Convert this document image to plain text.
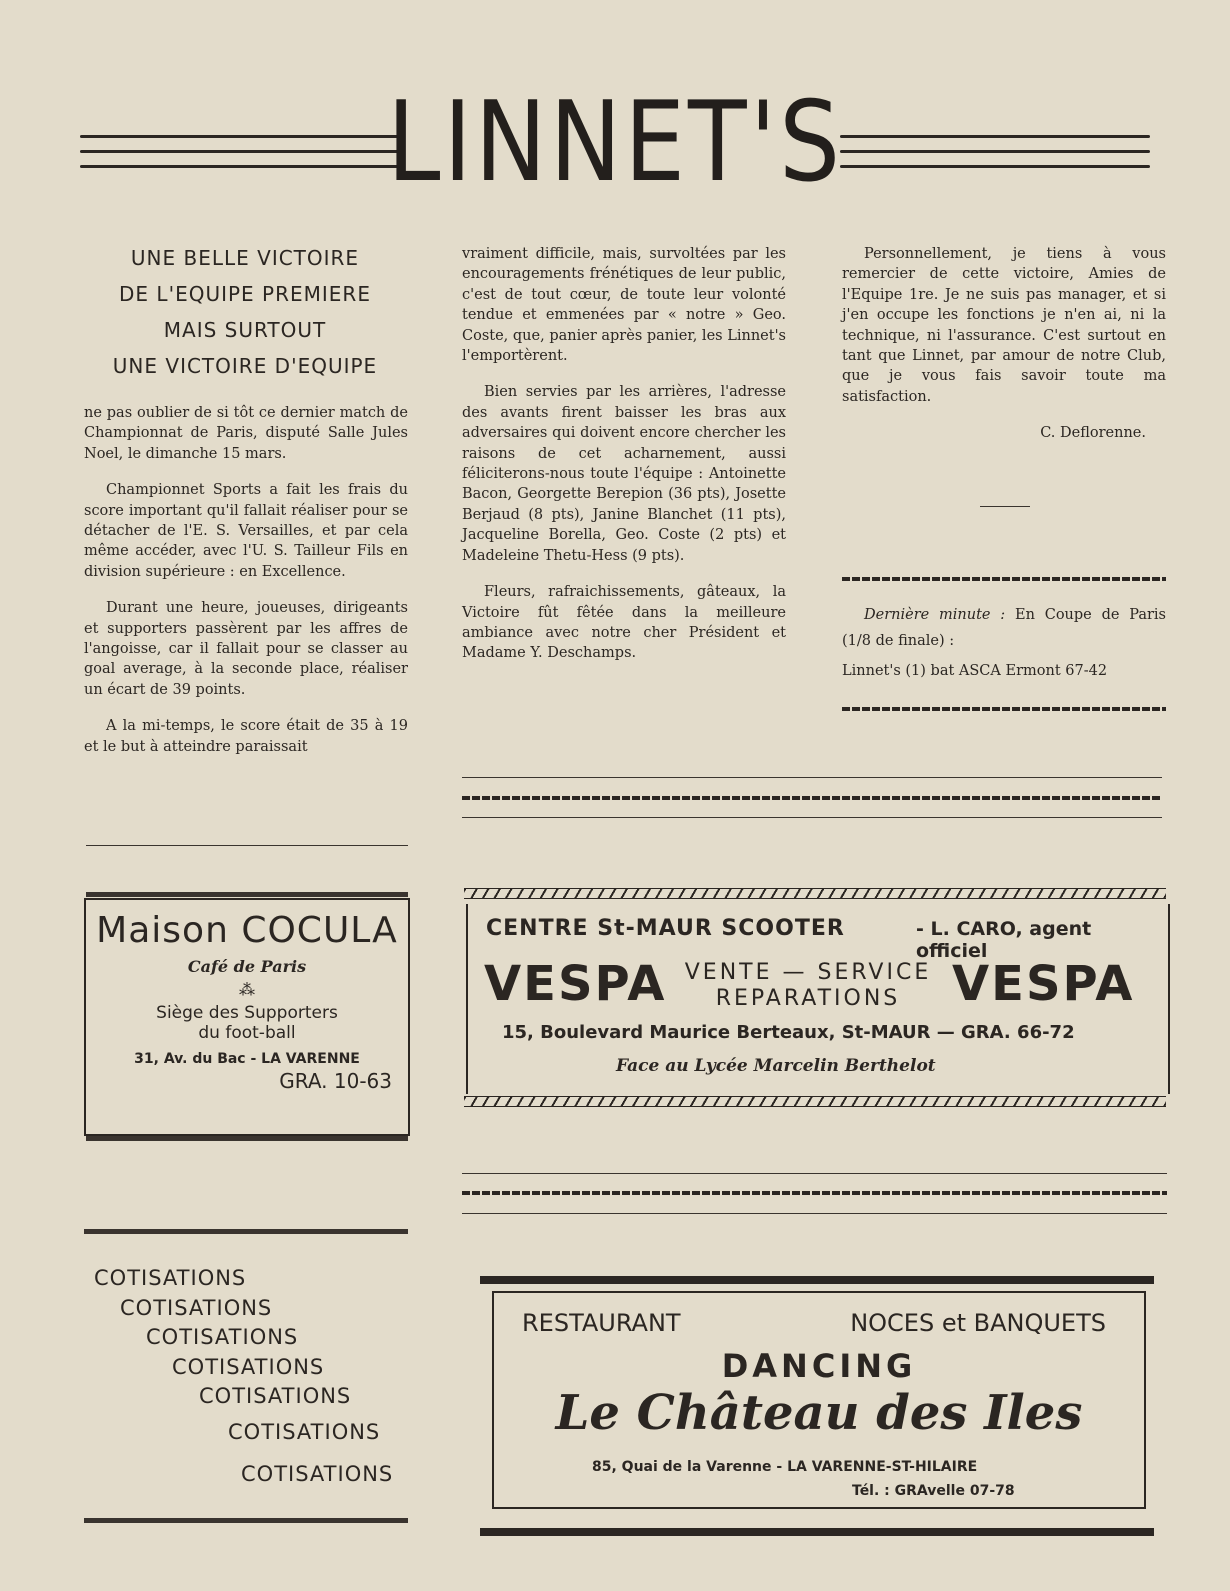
LINNET'S
UNE BELLE VICTOIRE
DE L'EQUIPE PREMIERE
MAIS SURTOUT
UNE VICTOIRE D'EQUIPE

ne pas oublier de si tôt ce dernier match de Championnat de Paris, disputé Salle Jules Noel, le dimanche 15 mars.

Championnet Sports a fait les frais du score important qu'il fallait réaliser pour se détacher de l'E. S. Versailles, et par cela même accéder, avec l'U. S. Tailleur Fils en division supérieure : en Excellence.

Durant une heure, joueuses, dirigeants et supporters passèrent par les affres de l'angoisse, car il fallait pour se classer au goal average, à la seconde place, réaliser un écart de 39 points.

A la mi-temps, le score était de 35 à 19 et le but à atteindre paraissait

vraiment difficile, mais, survoltées par les encouragements frénétiques de leur public, c'est de tout cœur, de toute leur volonté tendue et emmenées par « notre » Geo. Coste, que, panier après panier, les Linnet's l'emportèrent.

Bien servies par les arrières, l'adresse des avants firent baisser les bras aux adversaires qui doivent encore chercher les raisons de cet acharnement, aussi féliciterons-nous toute l'équipe : Antoinette Bacon, Georgette Berepion (36 pts), Josette Berjaud (8 pts), Janine Blanchet (11 pts), Jacqueline Borella, Geo. Coste (2 pts) et Madeleine Thetu-Hess (9 pts).

Fleurs, rafraichissements, gâteaux, la Victoire fût fêtée dans la meilleure ambiance avec notre cher Président et Madame Y. Deschamps.

Personnellement, je tiens à vous remercier de cette victoire, Amies de l'Equipe 1re. Je ne suis pas manager, et si j'en occupe les fonctions je n'en ai, ni la technique, ni l'assurance. C'est surtout en tant que Linnet, par amour de notre Club, que je vous fais savoir toute ma satisfaction.

C. Deflorenne.
Dernière minute : En Coupe de Paris (1/8 de finale) :
Linnet's (1) bat ASCA Ermont 67-42
Maison COCULA
Café de Paris
⁂
Siège des Supporters
du foot-ball
31, Av. du Bac - LA VARENNE
GRA. 10-63
CENTRE St-MAUR SCOOTER	- L. CARO, agent officiel
VESPA VENTE — SERVICE
REPARATIONS	VESPA
15, Boulevard Maurice Berteaux, St-MAUR — GRA. 66-72
Face au Lycée Marcelin Berthelot
COTISATIONS
COTISATIONS
COTISATIONS
COTISATIONS
COTISATIONS
COTISATIONS
COTISATIONS
RESTAURANT	NOCES et BANQUETS
DANCING
Le Château des Iles
85, Quai de la Varenne - LA VARENNE-ST-HILAIRE
Tél. : GRAvelle 07-78
